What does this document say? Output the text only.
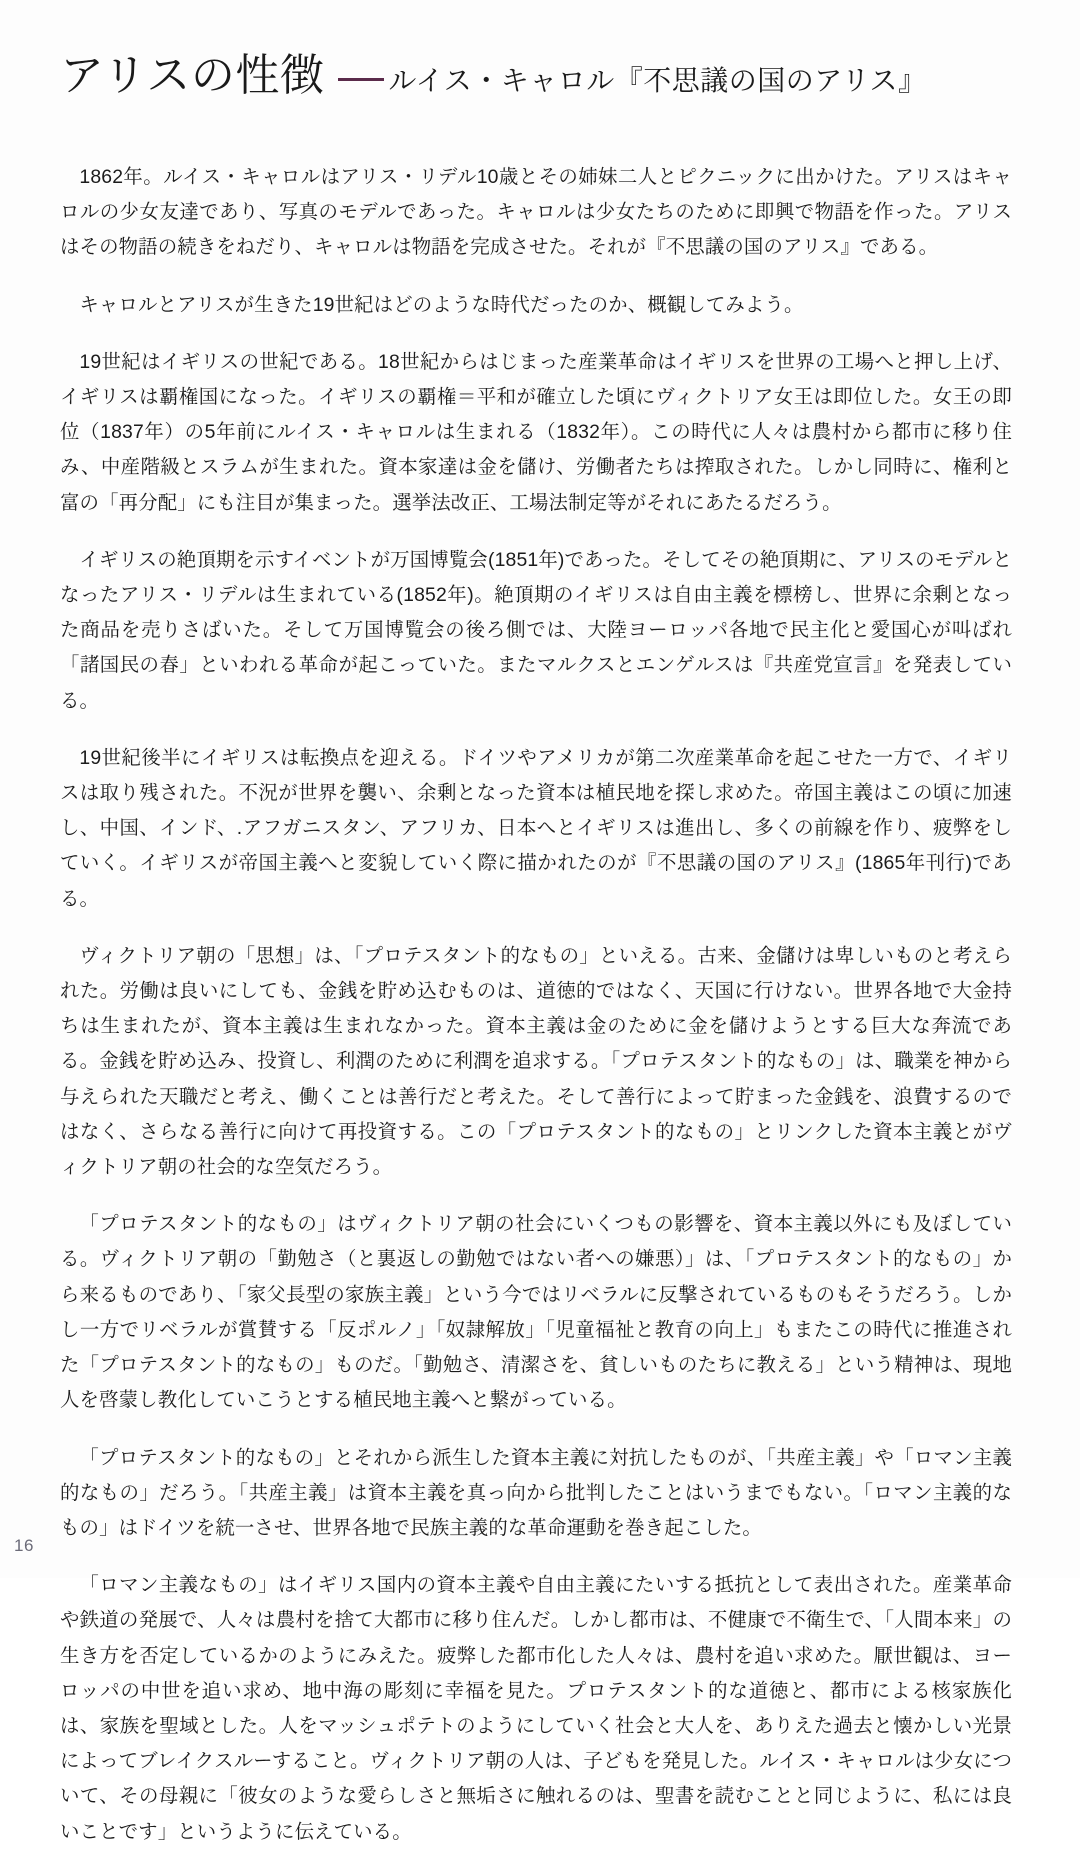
アリスの性徴 ルイス・キャロル『不思議の国のアリス』

1862年。ルイス・キャロルはアリス・リデル10歳とその姉妹二人とピクニックに出かけた。アリスはキャロルの少女友達であり、写真のモデルであった。キャロルは少女たちのために即興で物語を作った。アリスはその物語の続きをねだり、キャロルは物語を完成させた。それが『不思議の国のアリス』である。

キャロルとアリスが生きた19世紀はどのような時代だったのか、概観してみよう。

19世紀はイギリスの世紀である。18世紀からはじまった産業革命はイギリスを世界の工場へと押し上げ、イギリスは覇権国になった。イギリスの覇権＝平和が確立した頃にヴィクトリア女王は即位した。女王の即位（1837年）の5年前にルイス・キャロルは生まれる（1832年）。この時代に人々は農村から都市に移り住み、中産階級とスラムが生まれた。資本家達は金を儲け、労働者たちは搾取された。しかし同時に、権利と富の「再分配」にも注目が集まった。選挙法改正、工場法制定等がそれにあたるだろう。

イギリスの絶頂期を示すイベントが万国博覧会(1851年)であった。そしてその絶頂期に、アリスのモデルとなったアリス・リデルは生まれている(1852年)。絶頂期のイギリスは自由主義を標榜し、世界に余剰となった商品を売りさばいた。そして万国博覧会の後ろ側では、大陸ヨーロッパ各地で民主化と愛国心が叫ばれ「諸国民の春」といわれる革命が起こっていた。またマルクスとエンゲルスは『共産党宣言』を発表している。

19世紀後半にイギリスは転換点を迎える。ドイツやアメリカが第二次産業革命を起こせた一方で、イギリスは取り残された。不況が世界を襲い、余剰となった資本は植民地を探し求めた。帝国主義はこの頃に加速し、中国、インド、.アフガニスタン、アフリカ、日本へとイギリスは進出し、多くの前線を作り、疲弊をしていく。イギリスが帝国主義へと変貌していく際に描かれたのが『不思議の国のアリス』(1865年刊行)である。

ヴィクトリア朝の「思想」は、「プロテスタント的なもの」といえる。古来、金儲けは卑しいものと考えられた。労働は良いにしても、金銭を貯め込むものは、道徳的ではなく、天国に行けない。世界各地で大金持ちは生まれたが、資本主義は生まれなかった。資本主義は金のために金を儲けようとする巨大な奔流である。金銭を貯め込み、投資し、利潤のために利潤を追求する。「プロテスタント的なもの」は、職業を神から与えられた天職だと考え、働くことは善行だと考えた。そして善行によって貯まった金銭を、浪費するのではなく、さらなる善行に向けて再投資する。この「プロテスタント的なもの」とリンクした資本主義とがヴィクトリア朝の社会的な空気だろう。

「プロテスタント的なもの」はヴィクトリア朝の社会にいくつもの影響を、資本主義以外にも及ぼしている。ヴィクトリア朝の「勤勉さ（と裏返しの勤勉ではない者への嫌悪）」は、「プロテスタント的なもの」から来るものであり、「家父長型の家族主義」という今ではリベラルに反撃されているものもそうだろう。しかし一方でリベラルが賞賛する「反ポルノ」「奴隷解放」「児童福祉と教育の向上」もまたこの時代に推進された「プロテスタント的なもの」ものだ。「勤勉さ、清潔さを、貧しいものたちに教える」という精神は、現地人を啓蒙し教化していこうとする植民地主義へと繋がっている。

「プロテスタント的なもの」とそれから派生した資本主義に対抗したものが、「共産主義」や「ロマン主義的なもの」だろう。「共産主義」は資本主義を真っ向から批判したことはいうまでもない。「ロマン主義的なもの」はドイツを統一させ、世界各地で民族主義的な革命運動を巻き起こした。

「ロマン主義なもの」はイギリス国内の資本主義や自由主義にたいする抵抗として表出された。産業革命や鉄道の発展で、人々は農村を捨て大都市に移り住んだ。しかし都市は、不健康で不衛生で、「人間本来」の生き方を否定しているかのようにみえた。疲弊した都市化した人々は、農村を追い求めた。厭世観は、ヨーロッパの中世を追い求め、地中海の彫刻に幸福を見た。プロテスタント的な道徳と、都市による核家族化は、家族を聖域とした。人をマッシュポテトのようにしていく社会と大人を、ありえた過去と懐かしい光景によってブレイクスルーすること。ヴィクトリア朝の人は、子どもを発見した。ルイス・キャロルは少女について、その母親に「彼女のような愛らしさと無垢さに触れるのは、聖書を読むことと同じように、私には良いことです」というように伝えている。

16
